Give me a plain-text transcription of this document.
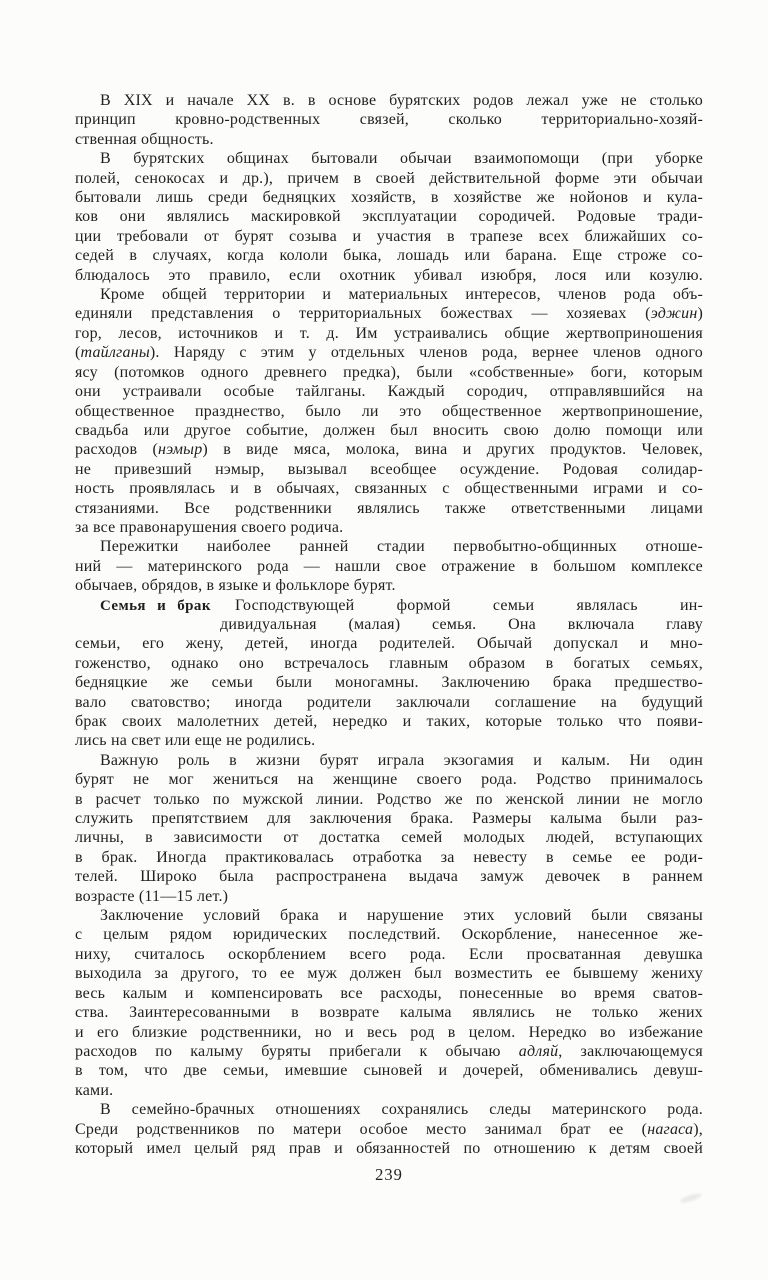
В XIX и начале XX в. в основе бурятских родов лежал уже не столько
принцип кровно-родственных связей, сколько территориально-хозяй-
ственная общность.
В бурятских общинах бытовали обычаи взаимопомощи (при уборке
полей, сенокосах и др.), причем в своей действительной форме эти обычаи
бытовали лишь среди бедняцких хозяйств, в хозяйстве же нойонов и кула-
ков они являлись маскировкой эксплуатации сородичей. Родовые тради-
ции требовали от бурят созыва и участия в трапезе всех ближайших со-
седей в случаях, когда кололи быка, лошадь или барана. Еще строже со-
блюдалось это правило, если охотник убивал изюбря, лося или козулю.
Кроме общей территории и материальных интересов, членов рода объ-
единяли представления о территориальных божествах — хозяевах (эджин)
гор, лесов, источников и т. д. Им устраивались общие жертвоприношения
(тайлганы). Наряду с этим у отдельных членов рода, вернее членов одного
ясу (потомков одного древнего предка), были «собственные» боги, которым
они устраивали особые тайлганы. Каждый сородич, отправлявшийся на
общественное празднество, было ли это общественное жертвоприношение,
свадьба или другое событие, должен был вносить свою долю помощи или
расходов (нэмыр) в виде мяса, молока, вина и других продуктов. Человек,
не привезший нэмыр, вызывал всеобщее осуждение. Родовая солидар-
ность проявлялась и в обычаях, связанных с общественными играми и со-
стязаниями. Все родственники являлись также ответственными лицами
за все правонарушения своего родича.
Пережитки наиболее ранней стадии первобытно-общинных отноше-
ний — материнского рода — нашли свое отражение в большом комплексе
обычаев, обрядов, в языке и фольклоре бурят.
Семья и брак Господствующей формой семьи являлась ин-
дивидуальная (малая) семья. Она включала главу
семьи, его жену, детей, иногда родителей. Обычай допускал и мно-
гоженство, однако оно встречалось главным образом в богатых семьях,
бедняцкие же семьи были моногамны. Заключению брака предшество-
вало сватовство; иногда родители заключали соглашение на будущий
брак своих малолетних детей, нередко и таких, которые только что появи-
лись на свет или еще не родились.
Важную роль в жизни бурят играла экзогамия и калым. Ни один
бурят не мог жениться на женщине своего рода. Родство принималось
в расчет только по мужской линии. Родство же по женской линии не могло
служить препятствием для заключения брака. Размеры калыма были раз-
личны, в зависимости от достатка семей молодых людей, вступающих
в брак. Иногда практиковалась отработка за невесту в семье ее роди-
телей. Широко была распространена выдача замуж девочек в раннем
возрасте (11—15 лет.)
Заключение условий брака и нарушение этих условий были связаны
с целым рядом юридических последствий. Оскорбление, нанесенное же-
ниху, считалось оскорблением всего рода. Если просватанная девушка
выходила за другого, то ее муж должен был возместить ее бывшему жениху
весь калым и компенсировать все расходы, понесенные во время сватов-
ства. Заинтересованными в возврате калыма являлись не только жених
и его близкие родственники, но и весь род в целом. Нередко во избежание
расходов по калыму буряты прибегали к обычаю адляй, заключающемуся
в том, что две семьи, имевшие сыновей и дочерей, обменивались девуш-
ками.
В семейно-брачных отношениях сохранялись следы материнского рода.
Среди родственников по матери особое место занимал брат ее (нагаса),
который имел целый ряд прав и обязанностей по отношению к детям своей
239
